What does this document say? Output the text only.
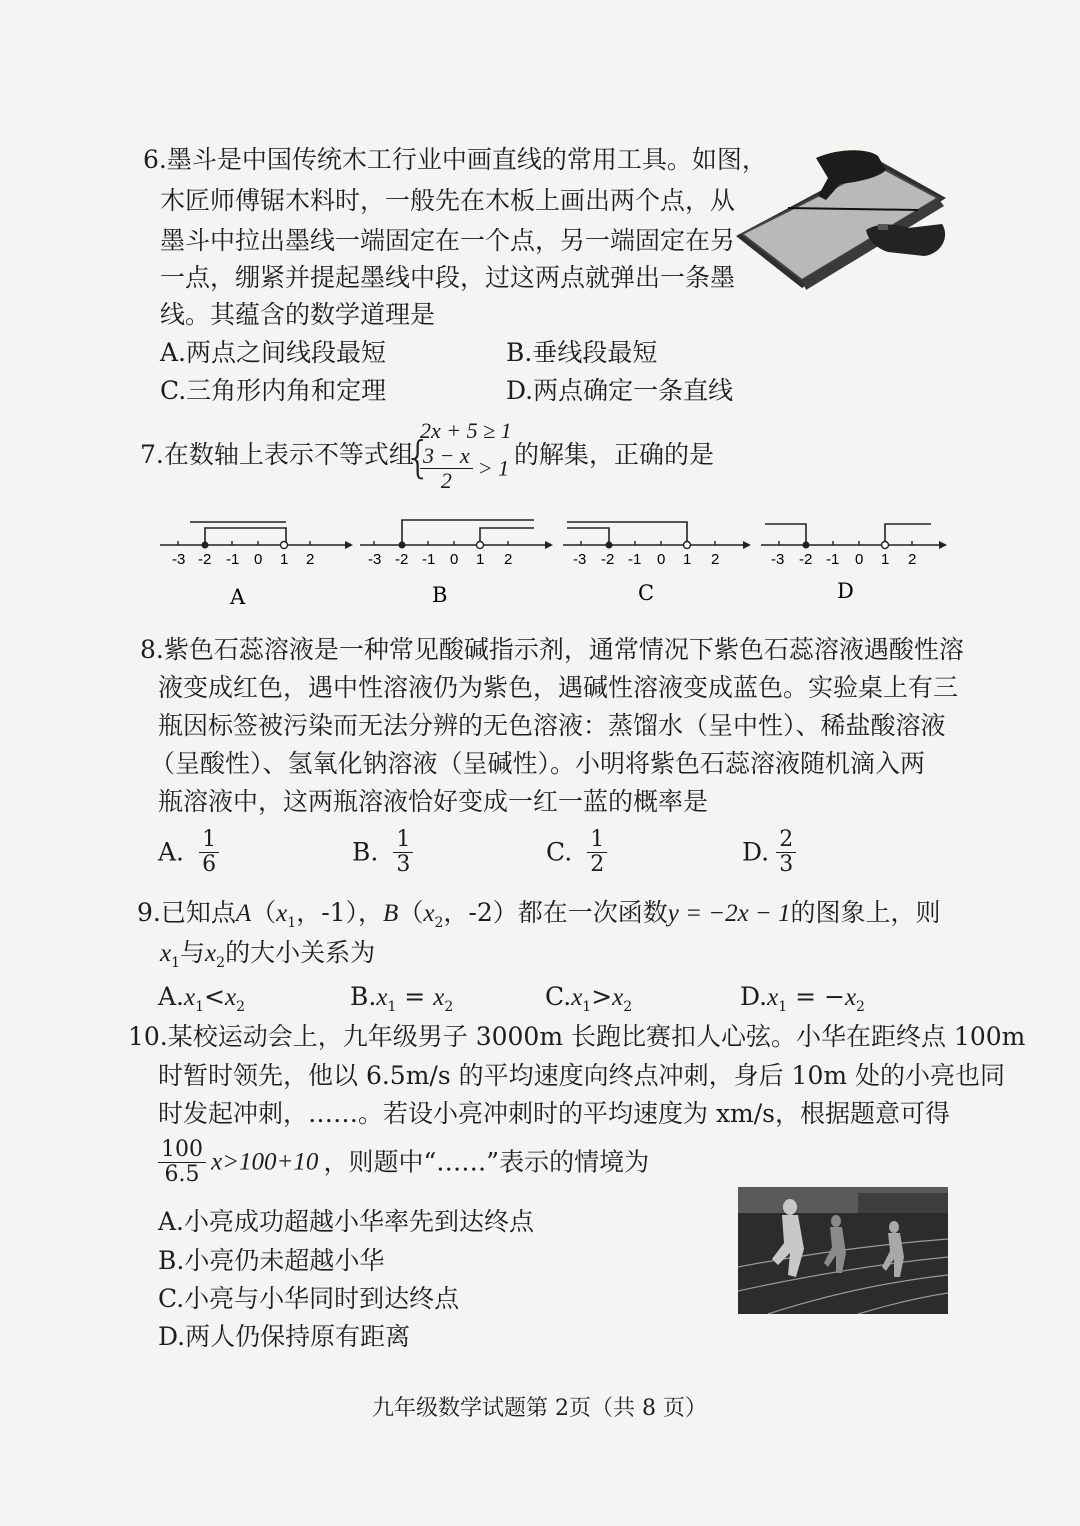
6.墨斗是中国传统木工行业中画直线的常用工具。如图，
木匠师傅锯木料时，一般先在木板上画出两个点，从
墨斗中拉出墨线一端固定在一个点，另一端固定在另
一点，绷紧并提起墨线中段，过这两点就弹出一条墨
线。其蕴含的数学道理是
A.两点之间线段最短	B.垂线段最短
C.三角形内角和定理	D.两点确定一条直线
7.在数轴上表示不等式组
{
2x + 5 ≥ 1
$\frac{3 - x}{2} > 1$ 的解集，正确的是
-3 -2 -1 0 1 2
A
-3 -2 -1 0 1 2
B
-3 -2 -1 0 1 2
C
-3 -2 -1 0 1 2
D
8.紫色石蕊溶液是一种常见酸碱指示剂，通常情况下紫色石蕊溶液遇酸性溶
液变成红色，遇中性溶液仍为紫色，遇碱性溶液变成蓝色。实验桌上有三
瓶因标签被污染而无法分辨的无色溶液：蒸馏水（呈中性）、稀盐酸溶液
（呈酸性）、氢氧化钠溶液（呈碱性）。小明将紫色石蕊溶液随机滴入两
瓶溶液中，这两瓶溶液恰好变成一红一蓝的概率是
A. $\frac{1}{6}$	B. $\frac{1}{3}$	C. $\frac{1}{2}$	D. $\frac{2}{3}$
9.已知点$A(x_1$，-1），$B(x_2$，-2）都在一次函数y = −2x − 1的图象上，则
$x_1$与$x_2$的大小关系为
$A.x_1<x_2$	$B.x_1 = x_2$	$C.x_1>x_2$	$D.x_1 = -x_2$
10.某校运动会上，九年级男子 3000m 长跑比赛扣人心弦。小华在距终点 100m
时暂时领先，他以 6.5m/s 的平均速度向终点冲刺，身后 10m 处的小亮也同
时发起冲刺，……。若设小亮冲刺时的平均速度为 xm/s，根据题意可得
$\frac{100}{6.5} x>100+10$ ，则题中“……”表示的情境为
A.小亮成功超越小华率先到达终点
B.小亮仍未超越小华
C.小亮与小华同时到达终点
D.两人仍保持原有距离
九年级数学试题第 2页（共 8 页）
